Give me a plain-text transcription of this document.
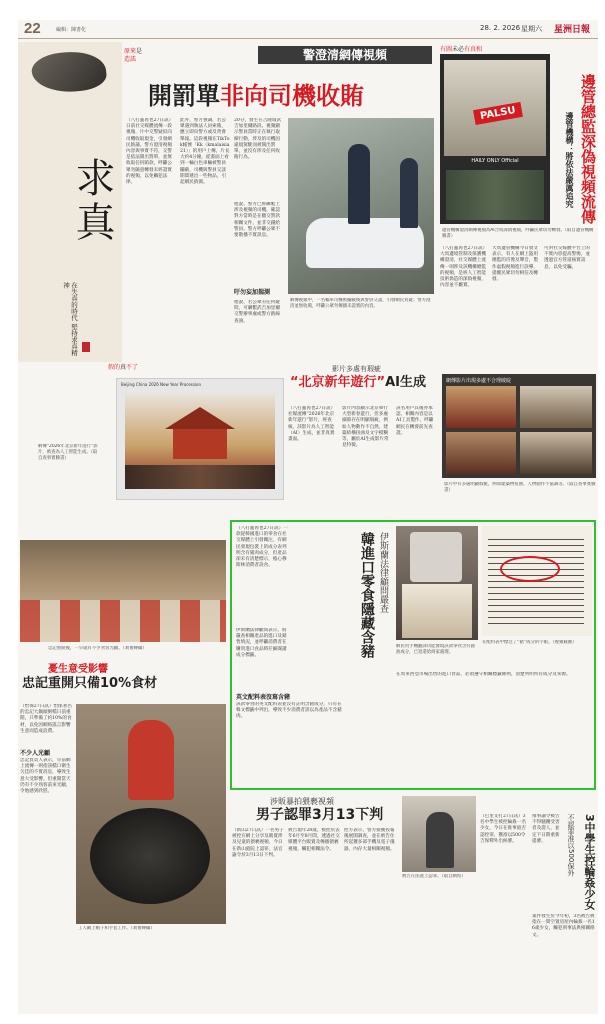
22	編輯：陳書化	28. 2. 2026 星期六 星洲日報
求真
在失真的時代 堅持求真精神
原來是
造謠	警澄清網傳視頻
開罰單非向司機收賄
（八打靈再也27日訊）日前社交媒體流傳一段視頻，片中交警疑似向司機收取現金，引發網民熱議。警方澄清視頻內容與事實不符，交警是依法開出罰單，並無收取任何賄款，呼籲公眾勿隨意轉發未經證實的視頻，以免觸犯法律。
此外，警方強調，若公眾遇到執法人員索賄，應立即向警方或反貪會舉報。這段視頻在TikTok帳號「Kk（kmalaisia21）」的用戶上傳，片長大約4分鐘，從畫面上看到一輛白色車輛被警員攔截，司機與警員交談期間遞出一些物品，引起網民猜測。
20分，發生在吉隆坡武吉加里爾路段。視頻顯示警員當時正在執行取締行動，涉及的司機因違規駕駛而被開出罰單，並沒有涉及任何收賄行為。
他說，警方已經聯繫上涉及視頻的司機，確認對方當時是在繳交罰款相關文件，並非交錢給警員。警方呼籲公眾不要散播不實訊息。
吁勿妄加揣測
他說，若公眾有任何疑問，可聯繫武吉加里爾交警辦事處或警方熱線查詢。
網傳視頻中，一名轎車司機被攔截後與警員交談，引發網民質疑；警方澄清並無收賄，呼籲公眾勿傳播未證實的內容。
有圖未必有真相
HAILY ONLY Official
PALSU	邊管總監深偽視頻流傳
邊管機構：將依法嚴厲追究
邊管機構澄清網傳視頻為AI合成深偽視頻，呼籲民眾切勿轉發。（取自邊管機構臉書）
（八打靈再也27日訊）大馬邊境管制及保護機構澄清，社交媒體上流傳一則涉及該機構總監的視頻，是經人工智能技術偽造的深偽視頻，內容並不屬實。
大馬邊管機構今日發文表示，有人在網上盜用總監的肖像及聲音，製作虛假視頻進行誤導，提醒民眾切勿相信及轉發。
可對社交媒體平台上的不實內容提高警惕，並透過官方管道核實訊息，以免受騙。
假的真不了	影片多處有瑕疵
“北京新年遊行”AI生成
Beijing China 2026 New Year Procession
（八打靈再也27日訊）社媒流傳“2026年北京新年遊行”影片，經查核，該影片為人工智能（AI）生成，並非真實畫面。
影片內容顯示北京舉行大型新春遊行，但多處細節存在明顯瑕疵，例如人物動作不自然、建築結構扭曲及文字模糊等，屬於AI生成影片常見特徵。
該名用戶其後亦承認，相關內容是以AI工具製作，呼籲網民在轉發前先查證。
網傳影片出現多處不合理破綻
影片中有多處明顯瑕疵，例如建築物扭曲、人物動作不協調等。（取自查事實臉書）
網傳“2026年北京新年遊行”影片，被查為人工智能生成。（取自查事實臉書）
（八打靈再也27日訊）一款從韓國進口的零食在社交媒體上引發關注，有網民發現包裝上的成分表列明含有豬肉成分，但產品卻未有清楚標示，擔心穆斯林消費者誤食。
伊斯蘭法律顧問表示，將嚴查相關產品的進口及銷售情況，並呼籲消費者在購買進口食品時仔細閱讀成分標籤。
英文配料表沒寫含豬
該款零食的英文配料表並沒有註明含豬成分，只有在韓文標籤中列出，導致不少消費者誤以為產品不含豬肉。
韓進口零食隱藏含豬 伊斯蘭法律顧問嚴查
網民用手機翻譯功能發現該款零食含有豬油成分，已退還給商家處理。
在馬來西亞市場出售的進口食品，必須遵守相關標籤條例，清楚列明所有成分及來源。
在配料表中標注了“豬”成分的字眼。（視頻截圖）
忠記重開後，一早就有不少食客光顧。（刘俊輝攝）
憂生意受影響
忠記重開只備10%食材
（怡保27日訊）怡保著名的忠記大鍋頭粥檔日前重開，只準備了約10%的食材，以免因網絡謠言影響生意而造成浪費。
不少人光顧
忠記負責人表示，早前網上流傳一則指該檔口衛生欠佳的不實消息，導致生意大受影響。但重開當天仍有不少熟客前來光顧，令他感到欣慰。
工人戴上帽子和手套工作。（刘俊輝攝）
涉販暴拍猥褻視頻
男子認罪3月13下判
（新山27日訊）一名男子被控在網上分享及販賣涉及兒童的猥褻視頻，今日在新山庭院上認罪，法官諭令於3月13日下判。
被告現年28歲，被控於去年6月至8月間，透過社交媒體平台販賣及傳播猥褻視頻，觸犯相關法令。
控方表示，警方接獲投報後展開調查，並在被告住所起獲多部手機及電子儀器，內存大量相關視頻。
被告在法庭上認罪。（取自網絡）
（巴里文打27日訊）3名中學生被控輪姦一名少女，今日在推事庭否認控罪，獲准以500令吉保釋外出候審。
案件發生於今年初，3名被告被指在一間空置房屋內輪姦一名16歲少女，觸犯刑事法典相關條文。
3中學生控輪姦少女
不認罪准以500保外
推事諭令被告不得騷擾受害者及證人，並定下日期重新提審。
